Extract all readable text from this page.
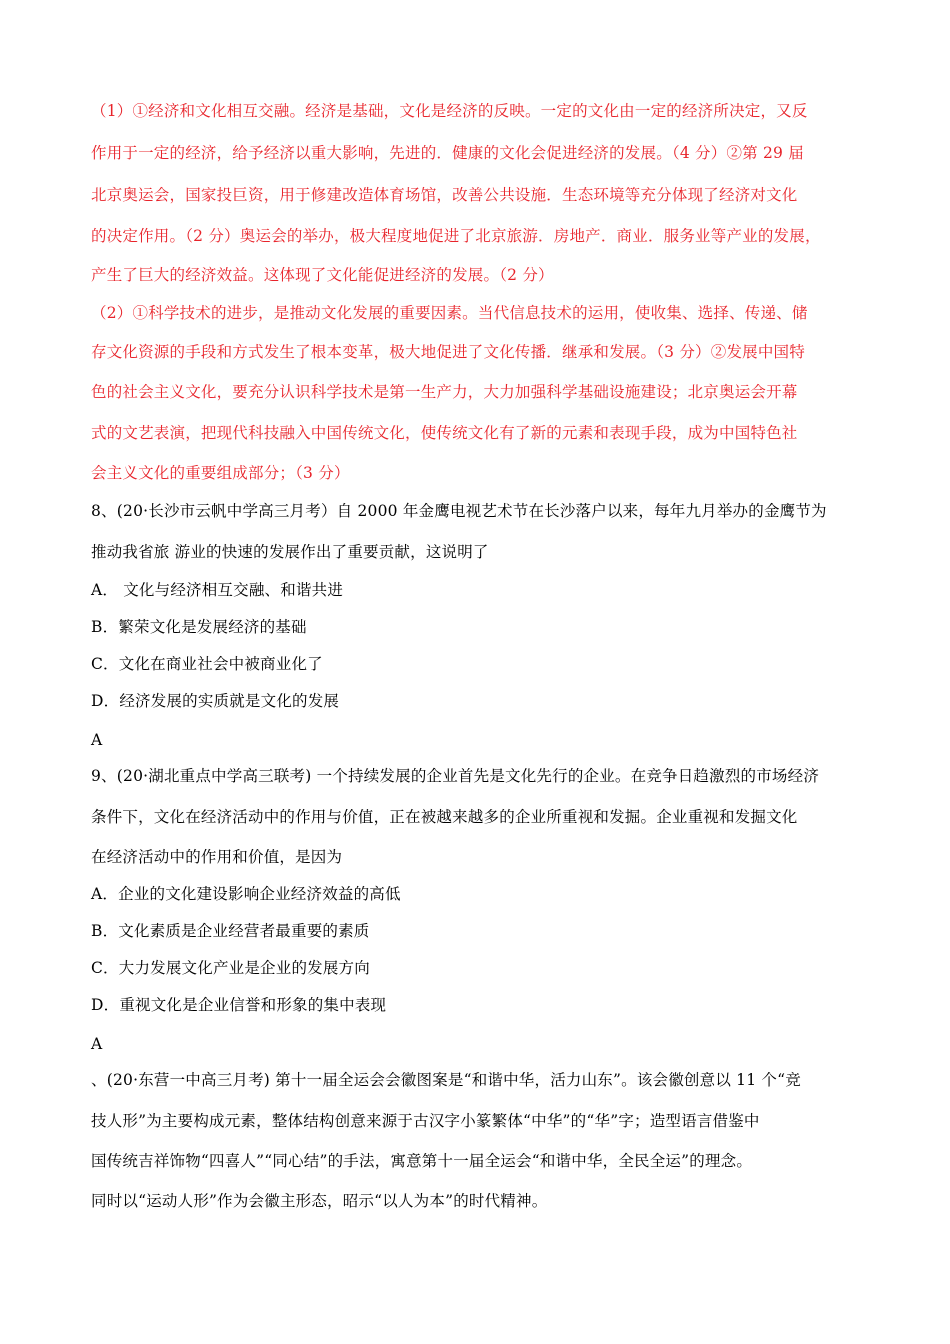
（1）①经济和文化相互交融。经济是基础，文化是经济的反映。一定的文化由一定的经济所决定，又反
作用于一定的经济，给予经济以重大影响，先进的．健康的文化会促进经济的发展。（4 分）②第 29 届
北京奥运会，国家投巨资，用于修建改造体育场馆，改善公共设施．生态环境等充分体现了经济对文化
的决定作用。（2 分）奥运会的举办，极大程度地促进了北京旅游．房地产．商业．服务业等产业的发展，
产生了巨大的经济效益。这体现了文化能促进经济的发展。（2 分）
（2）①科学技术的进步，是推动文化发展的重要因素。当代信息技术的运用，使收集、选择、传递、储
存文化资源的手段和方式发生了根本变革，极大地促进了文化传播．继承和发展。（3 分）②发展中国特
色的社会主义文化，要充分认识科学技术是第一生产力，大力加强科学基础设施建设；北京奥运会开幕
式的文艺表演，把现代科技融入中国传统文化，使传统文化有了新的元素和表现手段，成为中国特色社
会主义文化的重要组成部分；（3 分）
8、(20·长沙市云帆中学高三月考）自 2000 年金鹰电视艺术节在长沙落户以来，每年九月举办的金鹰节为
推动我省旅 游业的快速的发展作出了重要贡献，这说明了
A． 文化与经济相互交融、和谐共进
B．繁荣文化是发展经济的基础
C．文化在商业社会中被商业化了
D．经济发展的实质就是文化的发展
A
9、(20·湖北重点中学高三联考) 一个持续发展的企业首先是文化先行的企业。在竞争日趋激烈的市场经济
条件下，文化在经济活动中的作用与价值，正在被越来越多的企业所重视和发掘。企业重视和发掘文化
在经济活动中的作用和价值，是因为
A．企业的文化建设影响企业经济效益的高低
B．文化素质是企业经营者最重要的素质
C．大力发展文化产业是企业的发展方向
D．重视文化是企业信誉和形象的集中表现
A
、(20·东营一中高三月考) 第十一届全运会会徽图案是“和谐中华，活力山东”。该会徽创意以 11 个“竞
技人形”为主要构成元素，整体结构创意来源于古汉字小篆繁体“中华”的“华”字；造型语言借鉴中
国传统吉祥饰物“四喜人”“同心结”的手法，寓意第十一届全运会“和谐中华，全民全运”的理念。
同时以“运动人形”作为会徽主形态，昭示“以人为本”的时代精神。
